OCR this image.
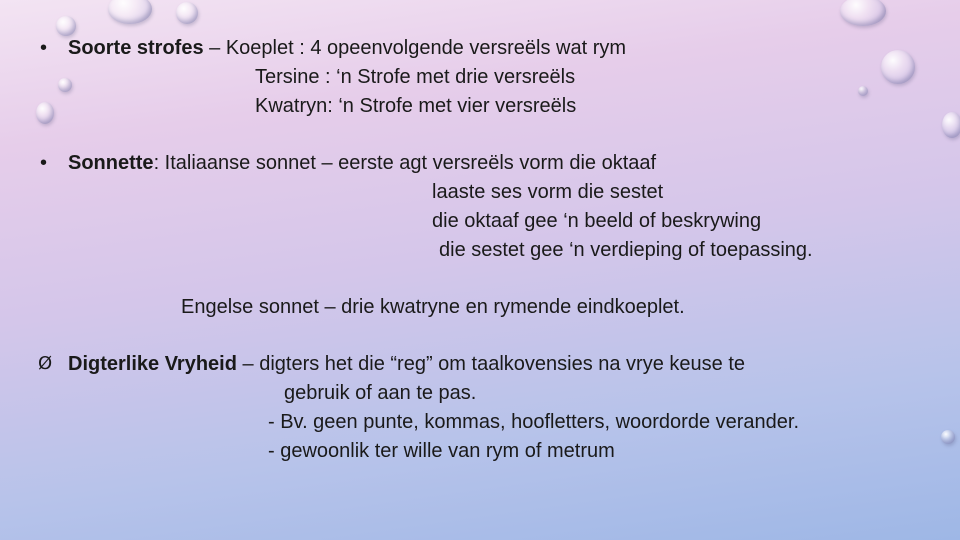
• Soorte strofes – Koeplet : 4 opeenvolgende versreëls wat rym
Tersine : ‘n Strofe met drie versreëls
Kwatryn: ‘n Strofe met vier versreëls
• Sonnette: Italiaanse sonnet – eerste agt versreëls vorm die oktaaf
laaste ses vorm die sestet
die oktaaf gee ‘n beeld of beskrywing
die sestet gee ‘n verdieping of toepassing.
Engelse sonnet – drie kwatryne en rymende eindkoeplet.
Ø Digterlike Vryheid – digters het die “reg” om taalkovensies na vrye keuse te
gebruik of aan te pas.
- Bv. geen punte, kommas, hoofletters, woordorde verander.
- gewoonlik ter wille van rym of metrum
